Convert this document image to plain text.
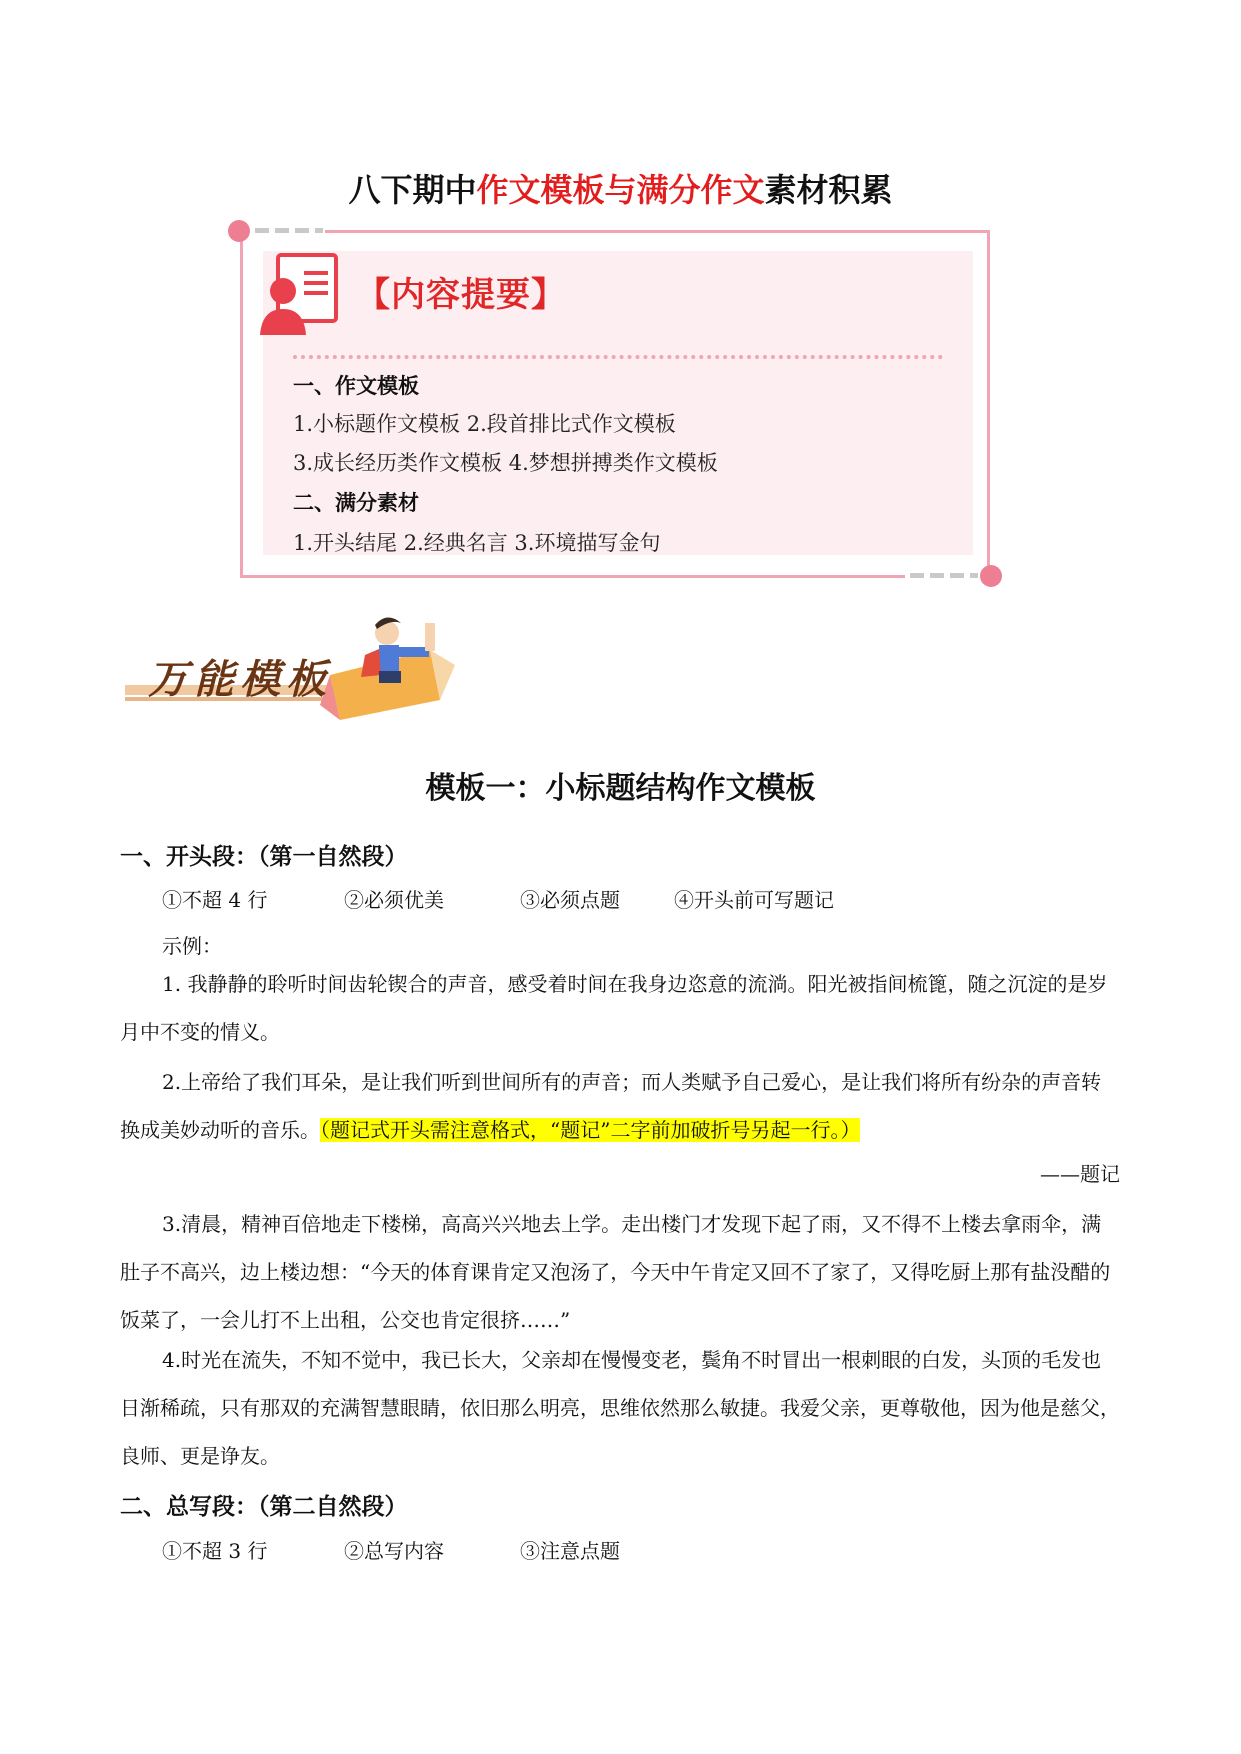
八下期中作文模板与满分作文素材积累
【内容提要】
一、作文模板
1.小标题作文模板 2.段首排比式作文模板
3.成长经历类作文模板 4.梦想拼搏类作文模板
二、满分素材
1.开头结尾 2.经典名言 3.环境描写金句
万能模板
模板一：小标题结构作文模板
一、开头段：（第一自然段）
①不超 4 行	②必须优美	③必须点题	④开头前可写题记
示例：
1. 我静静的聆听时间齿轮锲合的声音，感受着时间在我身边恣意的流淌。阳光被指间梳篦，随之沉淀的是岁月中不变的情义。
2.上帝给了我们耳朵，是让我们听到世间所有的声音；而人类赋予自己爱心，是让我们将所有纷杂的声音转换成美妙动听的音乐。（题记式开头需注意格式，“题记”二字前加破折号另起一行。）
——题记
3.清晨，精神百倍地走下楼梯，高高兴兴地去上学。走出楼门才发现下起了雨，又不得不上楼去拿雨伞，满肚子不高兴，边上楼边想：“今天的体育课肯定又泡汤了，今天中午肯定又回不了家了，又得吃厨上那有盐没醋的饭菜了，一会儿打不上出租，公交也肯定很挤……”
4.时光在流失，不知不觉中，我已长大，父亲却在慢慢变老，鬓角不时冒出一根刺眼的白发，头顶的毛发也日渐稀疏，只有那双的充满智慧眼睛，依旧那么明亮，思维依然那么敏捷。我爱父亲，更尊敬他，因为他是慈父，良师、更是诤友。
二、总写段：（第二自然段）
①不超 3 行	②总写内容	③注意点题
